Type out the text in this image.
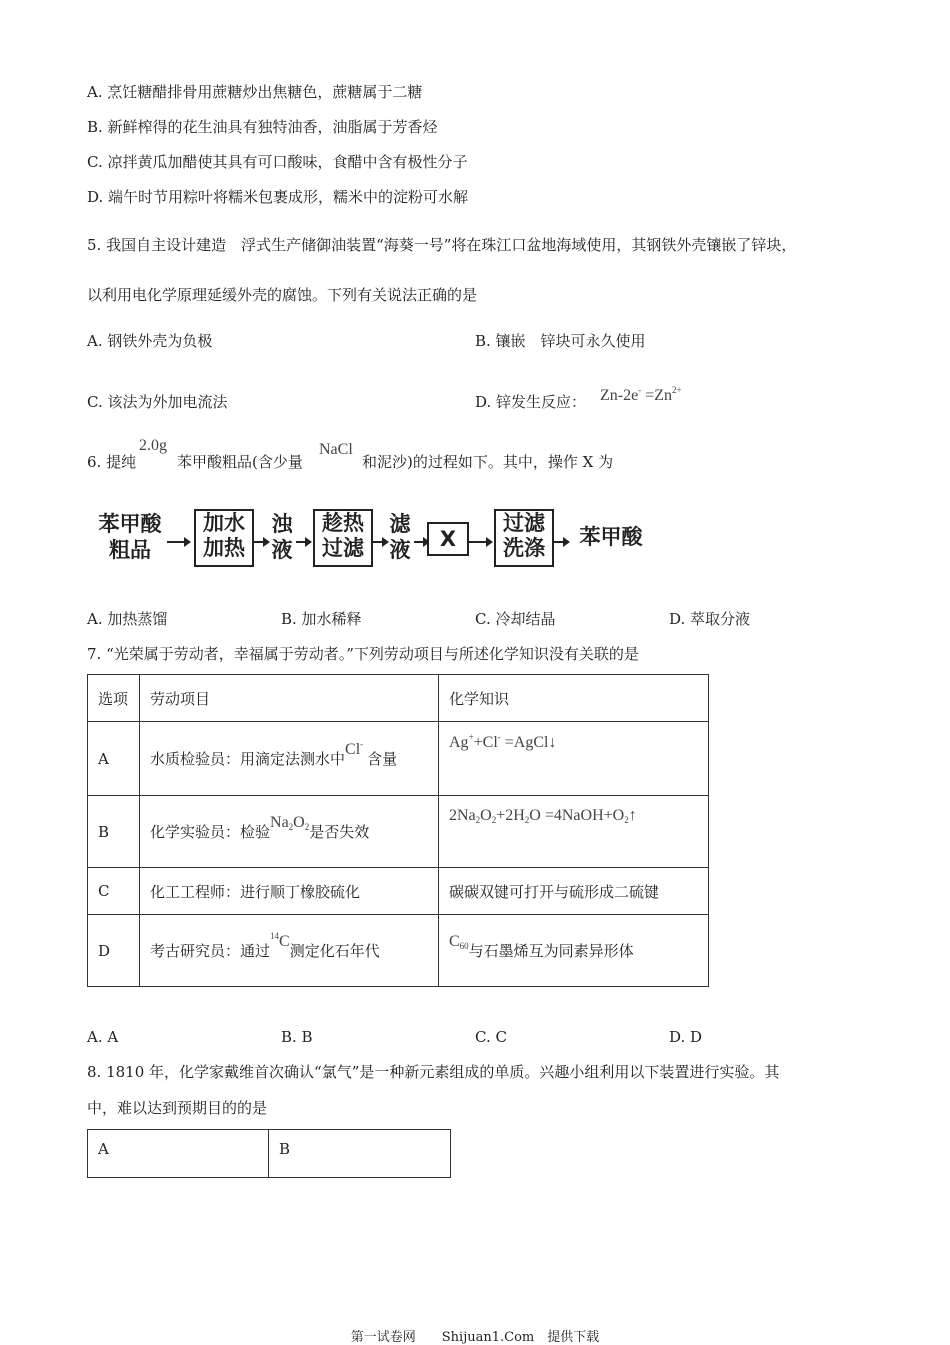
A. 烹饪糖醋排骨用蔗糖炒出焦糖色，蔗糖属于二糖
B. 新鲜榨得的花生油具有独特油香，油脂属于芳香烃
C. 凉拌黄瓜加醋使其具有可口酸味，食醋中含有极性分子
D. 端午时节用粽叶将糯米包裹成形，糯米中的淀粉可水解
5. 我国自主设计建造　浮式生产储御油装置“海葵一号”将在珠江口盆地海域使用，其钢铁外壳镶嵌了锌块，
以利用电化学原理延缓外壳的腐蚀。下列有关说法正确的是
A. 钢铁外壳为负极	B. 镶嵌　锌块可永久使用
C. 该法为外加电流法	D. 锌发生反应： $Zn-2e^- =Zn^{2+}$
6. 提纯
2.0g
苯甲酸粗品(含少量
NaCl
和泥沙)的过程如下。其中，操作 X 为
苯甲酸
粗品
加水
加热
浊
液
趁热
过滤
滤
液	X
过滤
洗涤	苯甲酸
A. 加热蒸馏	B. 加水稀释	C. 冷却结晶	D. 萃取分液
7. “光荣属于劳动者，幸福属于劳动者。”下列劳动项目与所述化学知识没有关联的是
选项	劳动项目	化学知识
A	水质检验员：用滴定法测水中Cl-含量	Ag++Cl- =AgCl↓
B	化学实验员：检验$Na_2O_2$是否失效	$2Na_2O_2+2H_2O$ $=4NaOH+O_2↑$
C	化工工程师：进行顺丁橡胶硫化	碳碳双键可打开与硫形成二硫键
D	考古研究员：通过$^{14}$C测定化石年代	$C_{60}$与石墨烯互为同素异形体
A. A	B. B	C. C	D. D
8. 1810 年，化学家戴维首次确认“氯气”是一种新元素组成的单质。兴趣小组利用以下装置进行实验。其
中，难以达到预期目的的是
A	B
第一试卷网　　Shijuan1.Com　提供下载
